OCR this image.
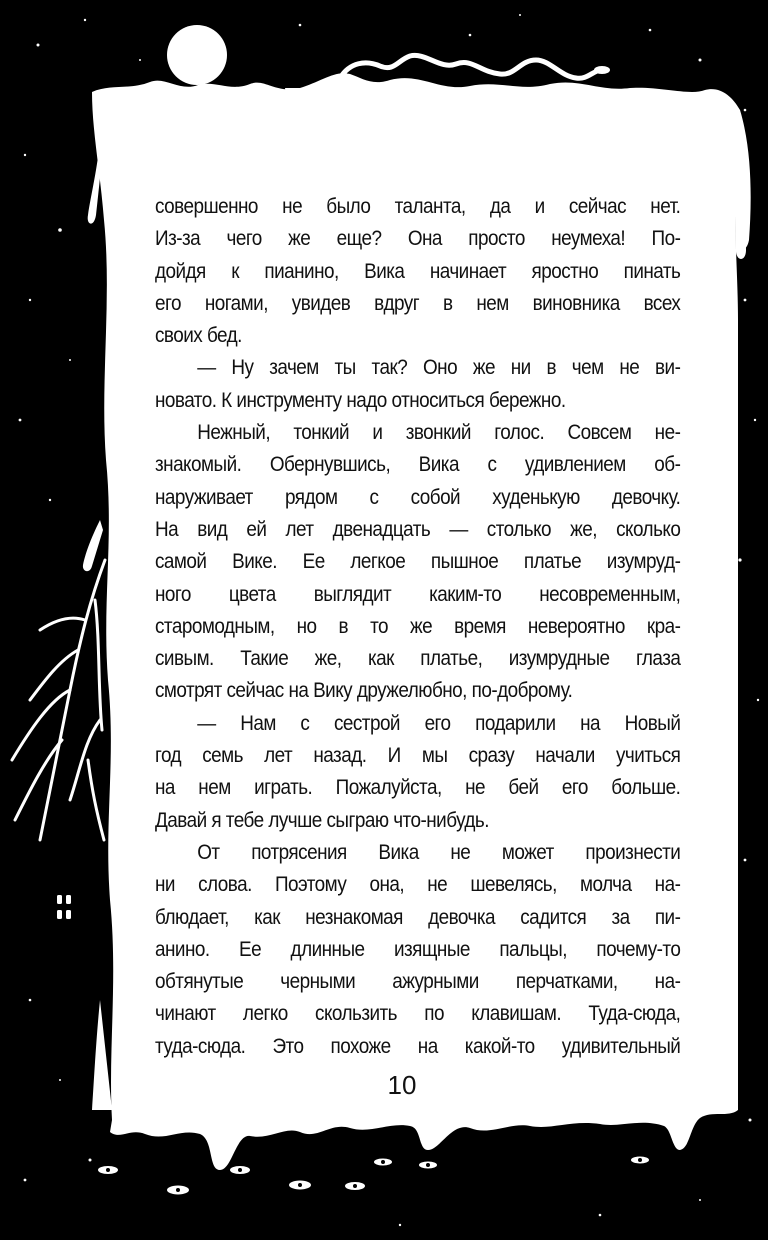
совершенно не было таланта, да и сейчас нет.
Из-за чего же еще? Она просто неумеха! По-
дойдя к пианино, Вика начинает яростно пинать
его ногами, увидев вдруг в нем виновника всех
своих бед.
— Ну зачем ты так? Оно же ни в чем не ви-
новато. К инструменту надо относиться бережно.
Нежный, тонкий и звонкий голос. Совсем не-
знакомый. Обернувшись, Вика с удивлением об-
наруживает рядом с собой худенькую девочку.
На вид ей лет двенадцать — столько же, сколько
самой Вике. Ее легкое пышное платье изумруд-
ного цвета выглядит каким-то несовременным,
старомодным, но в то же время невероятно кра-
сивым. Такие же, как платье, изумрудные глаза
смотрят сейчас на Вику дружелюбно, по-доброму.
— Нам с сестрой его подарили на Новый
год семь лет назад. И мы сразу начали учиться
на нем играть. Пожалуйста, не бей его больше.
Давай я тебе лучше сыграю что-нибудь.
От потрясения Вика не может произнести
ни слова. Поэтому она, не шевелясь, молча на-
блюдает, как незнакомая девочка садится за пи-
анино. Ее длинные изящные пальцы, почему-то
обтянутые черными ажурными перчатками, на-
чинают легко скользить по клавишам. Туда-сюда,
туда-сюда. Это похоже на какой-то удивительный
10
